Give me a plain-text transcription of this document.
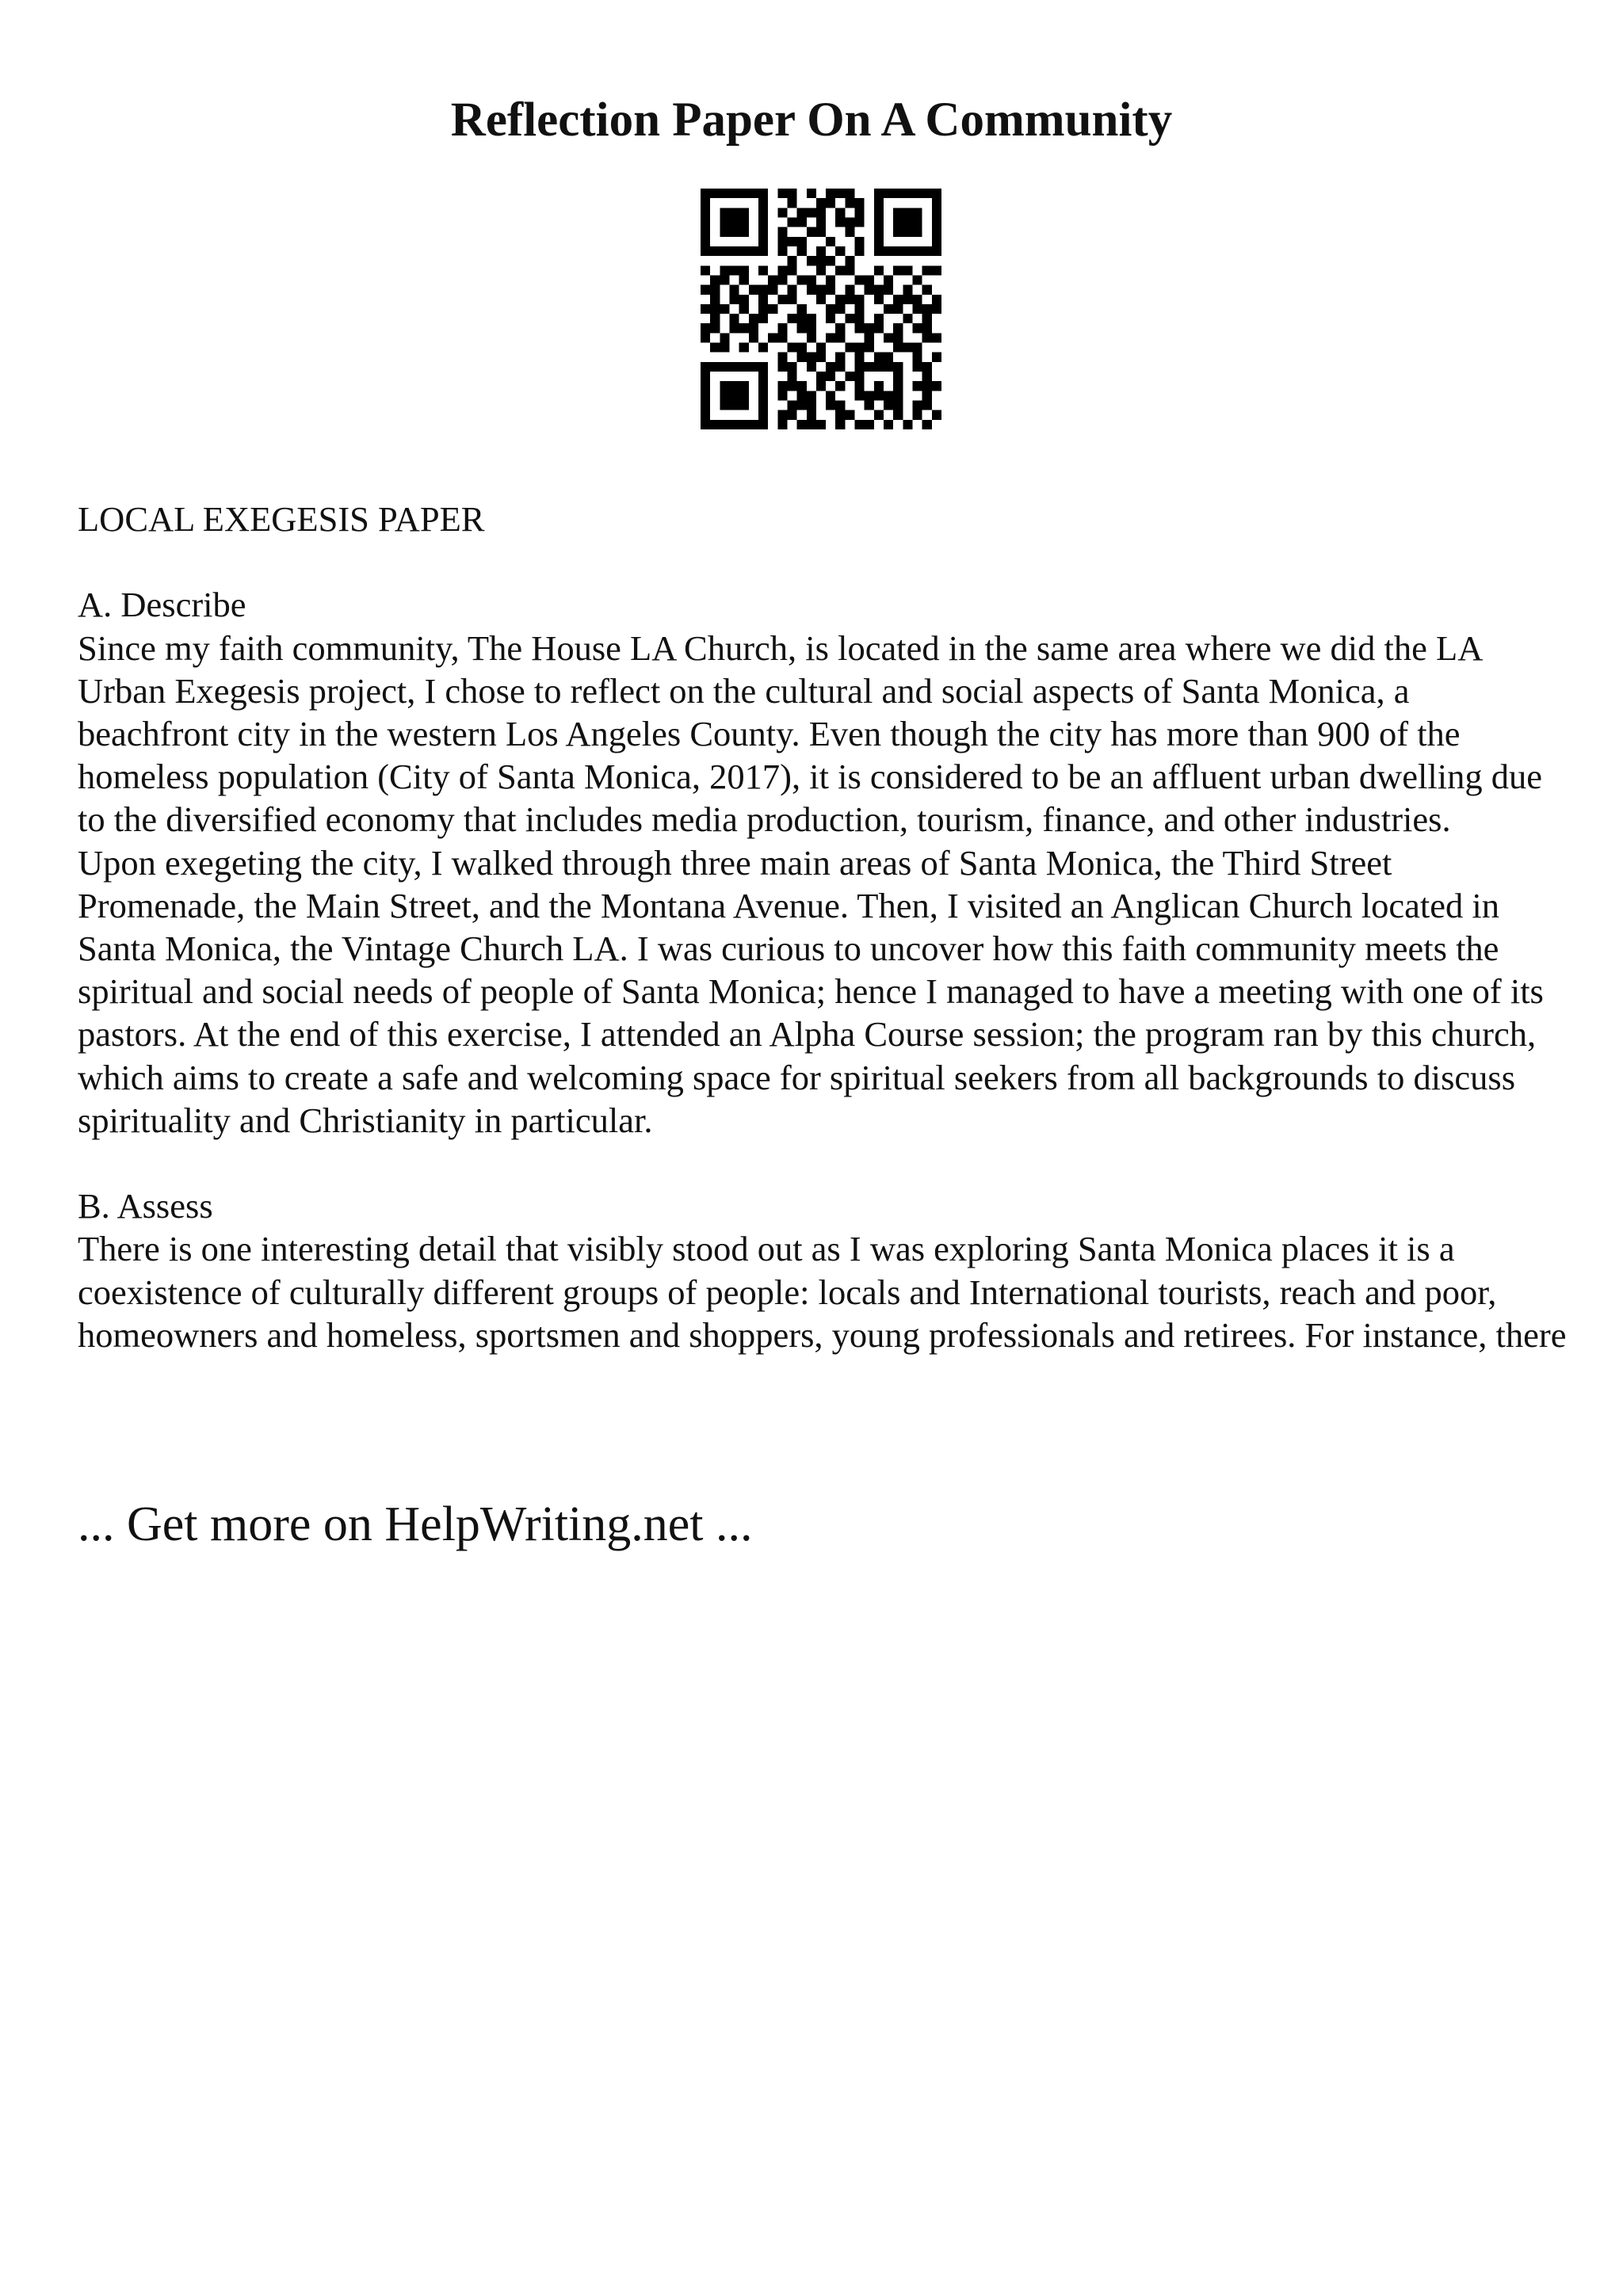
Reflection Paper On A Community

LOCAL EXEGESIS PAPER

A. Describe

Since my faith community, The House LA Church, is located in the same area where we did the LA Urban Exegesis project, I chose to reflect on the cultural and social aspects of Santa Monica, a beachfront city in the western Los Angeles County. Even though the city has more than 900 of the homeless population (City of Santa Monica, 2017), it is considered to be an affluent urban dwelling due to the diversified economy that includes media production, tourism, finance, and other industries.

Upon exegeting the city, I walked through three main areas of Santa Monica, the Third Street Promenade, the Main Street, and the Montana Avenue. Then, I visited an Anglican Church located in Santa Monica, the Vintage Church LA. I was curious to uncover how this faith community meets the spiritual and social needs of people of Santa Monica; hence I managed to have a meeting with one of its pastors. At the end of this exercise, I attended an Alpha Course session; the program ran by this church, which aims to create a safe and welcoming space for spiritual seekers from all backgrounds to discuss spirituality and Christianity in particular.

B. Assess

There is one interesting detail that visibly stood out as I was exploring Santa Monica places it is a coexistence of culturally different groups of people: locals and International tourists, reach and poor, homeowners and homeless, sportsmen and shoppers, young professionals and retirees. For instance, there

... Get more on HelpWriting.net ...
